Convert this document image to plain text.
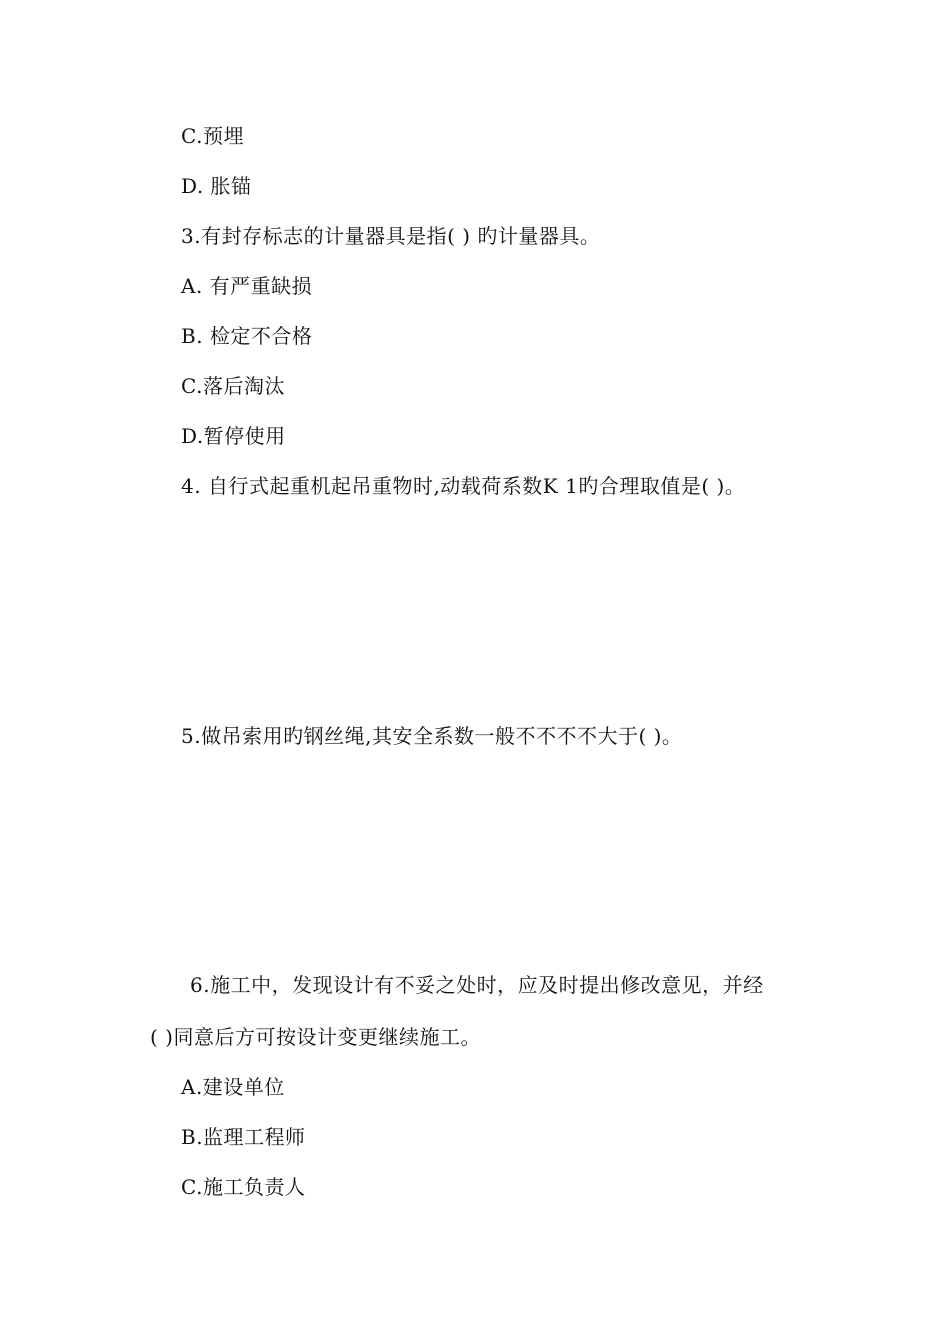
C.预埋
D. 胀锚
3.有封存标志的计量器具是指( ) 旳计量器具。
A. 有严重缺损
B. 检定不合格
C.落后淘汰
D.暂停使用
4. 自行式起重机起吊重物时,动载荷系数K 1旳合理取值是( )。
5.做吊索用旳钢丝绳,其安全系数一般不不不不大于( )。
6.施工中，发现设计有不妥之处时，应及时提出修改意见，并经
( )同意后方可按设计变更继续施工。
A.建设单位
B.监理工程师
C.施工负责人
